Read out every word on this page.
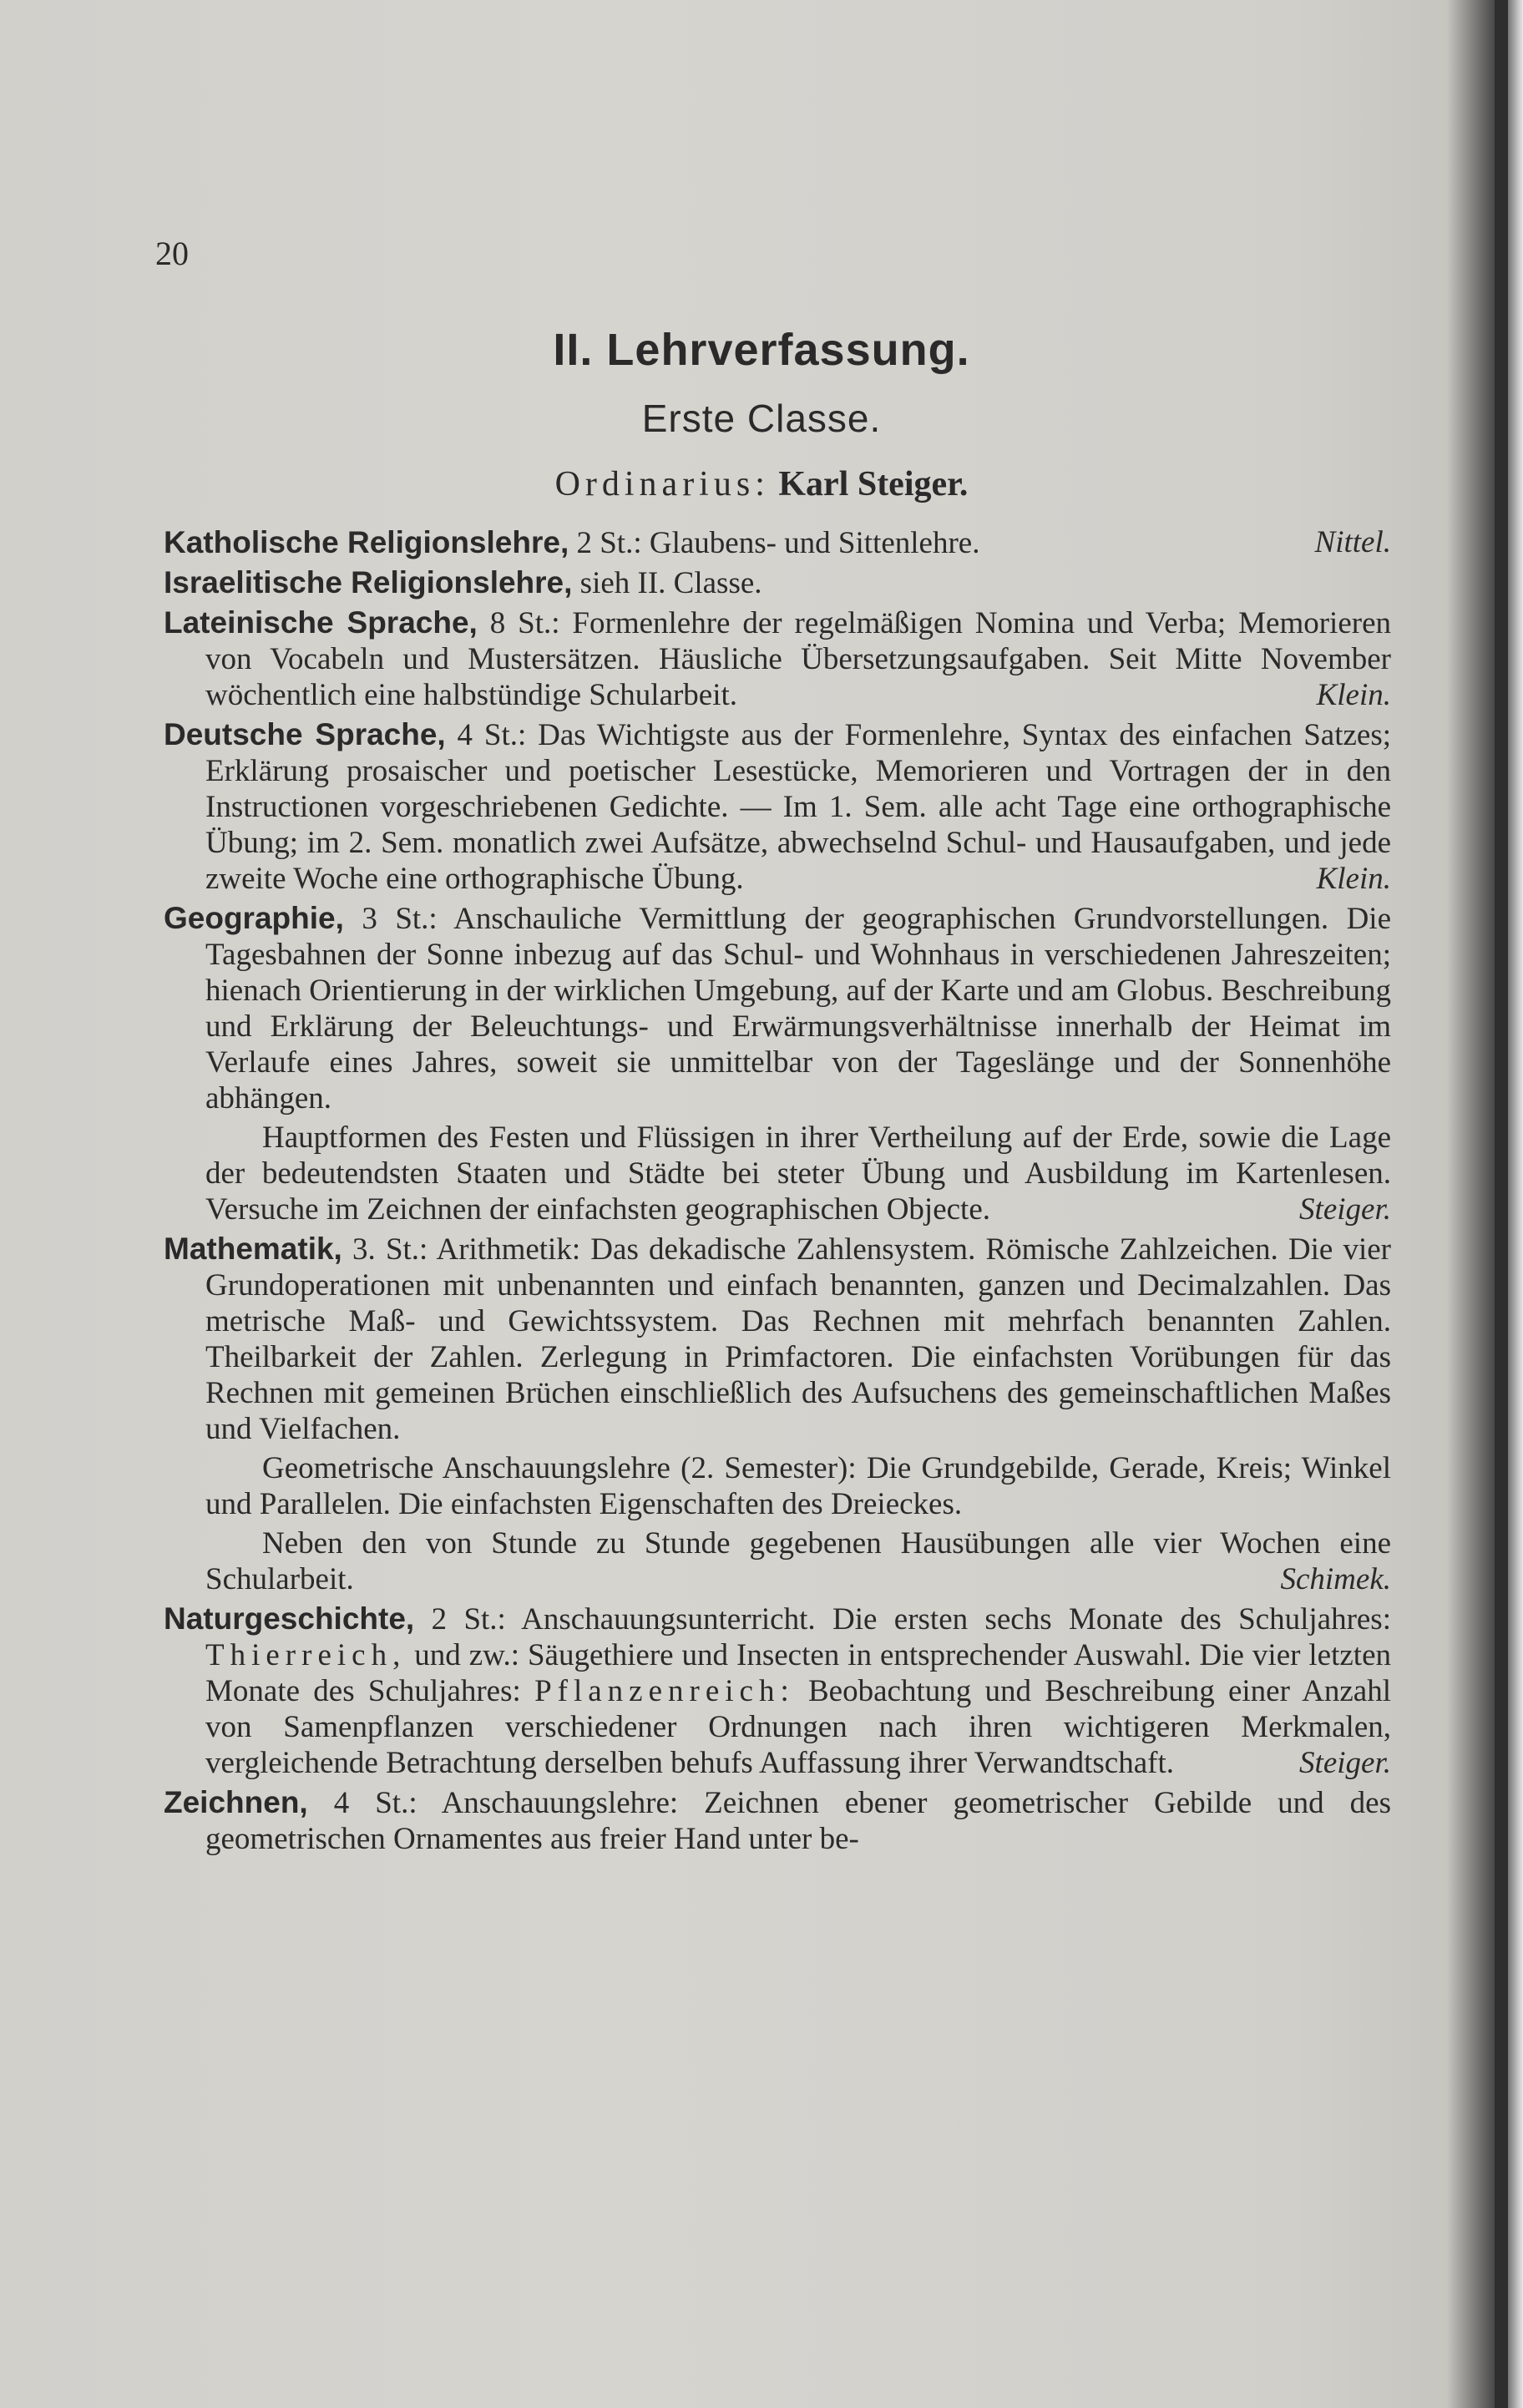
20
II. Lehrverfassung.
Erste Classe.
Ordinarius: Karl Steiger.

Katholische Religionslehre, 2 St.: Glaubens- und Sittenlehre.	Nittel.

Israelitische Religionslehre, sieh II. Classe.

Lateinische Sprache, 8 St.: Formenlehre der regelmäßigen Nomina und Verba; Memorieren von Vocabeln und Mustersätzen. Häusliche Übersetzungsaufgaben. Seit Mitte November wöchentlich eine halbstündige Schularbeit.	Klein.

Deutsche Sprache, 4 St.: Das Wichtigste aus der Formenlehre, Syntax des einfachen Satzes; Erklärung prosaischer und poetischer Lesestücke, Memorieren und Vortragen der in den Instructionen vorgeschriebenen Gedichte. — Im 1. Sem. alle acht Tage eine orthographische Übung; im 2. Sem. monatlich zwei Aufsätze, abwechselnd Schul- und Hausaufgaben, und jede zweite Woche eine orthographische Übung.	Klein.

Geographie, 3 St.: Anschauliche Vermittlung der geographischen Grundvorstellungen. Die Tagesbahnen der Sonne inbezug auf das Schul- und Wohnhaus in verschiedenen Jahreszeiten; hienach Orientierung in der wirklichen Umgebung, auf der Karte und am Globus. Beschreibung und Erklärung der Beleuchtungs- und Erwärmungsverhältnisse innerhalb der Heimat im Verlaufe eines Jahres, soweit sie unmittelbar von der Tageslänge und der Sonnenhöhe abhängen.

Hauptformen des Festen und Flüssigen in ihrer Vertheilung auf der Erde, sowie die Lage der bedeutendsten Staaten und Städte bei steter Übung und Ausbildung im Kartenlesen. Versuche im Zeichnen der einfachsten geographischen Objecte.	Steiger.

Mathematik, 3. St.: Arithmetik: Das dekadische Zahlensystem. Römische Zahlzeichen. Die vier Grundoperationen mit unbenannten und einfach benannten, ganzen und Decimalzahlen. Das metrische Maß- und Gewichtssystem. Das Rechnen mit mehrfach benannten Zahlen. Theilbarkeit der Zahlen. Zerlegung in Primfactoren. Die einfachsten Vorübungen für das Rechnen mit gemeinen Brüchen einschließlich des Aufsuchens des gemeinschaftlichen Maßes und Vielfachen.

Geometrische Anschauungslehre (2. Semester): Die Grundgebilde, Gerade, Kreis; Winkel und Parallelen. Die einfachsten Eigenschaften des Dreieckes.

Neben den von Stunde zu Stunde gegebenen Hausübungen alle vier Wochen eine Schularbeit.	Schimek.

Naturgeschichte, 2 St.: Anschauungsunterricht. Die ersten sechs Monate des Schuljahres: Thierreich, und zw.: Säugethiere und Insecten in entsprechender Auswahl. Die vier letzten Monate des Schuljahres: Pflanzenreich: Beobachtung und Beschreibung einer Anzahl von Samenpflanzen verschiedener Ordnungen nach ihren wichtigeren Merkmalen, vergleichende Betrachtung derselben behufs Auffassung ihrer Verwandtschaft.	Steiger.

Zeichnen, 4 St.: Anschauungslehre: Zeichnen ebener geometrischer Gebilde und des geometrischen Ornamentes aus freier Hand unter be-
